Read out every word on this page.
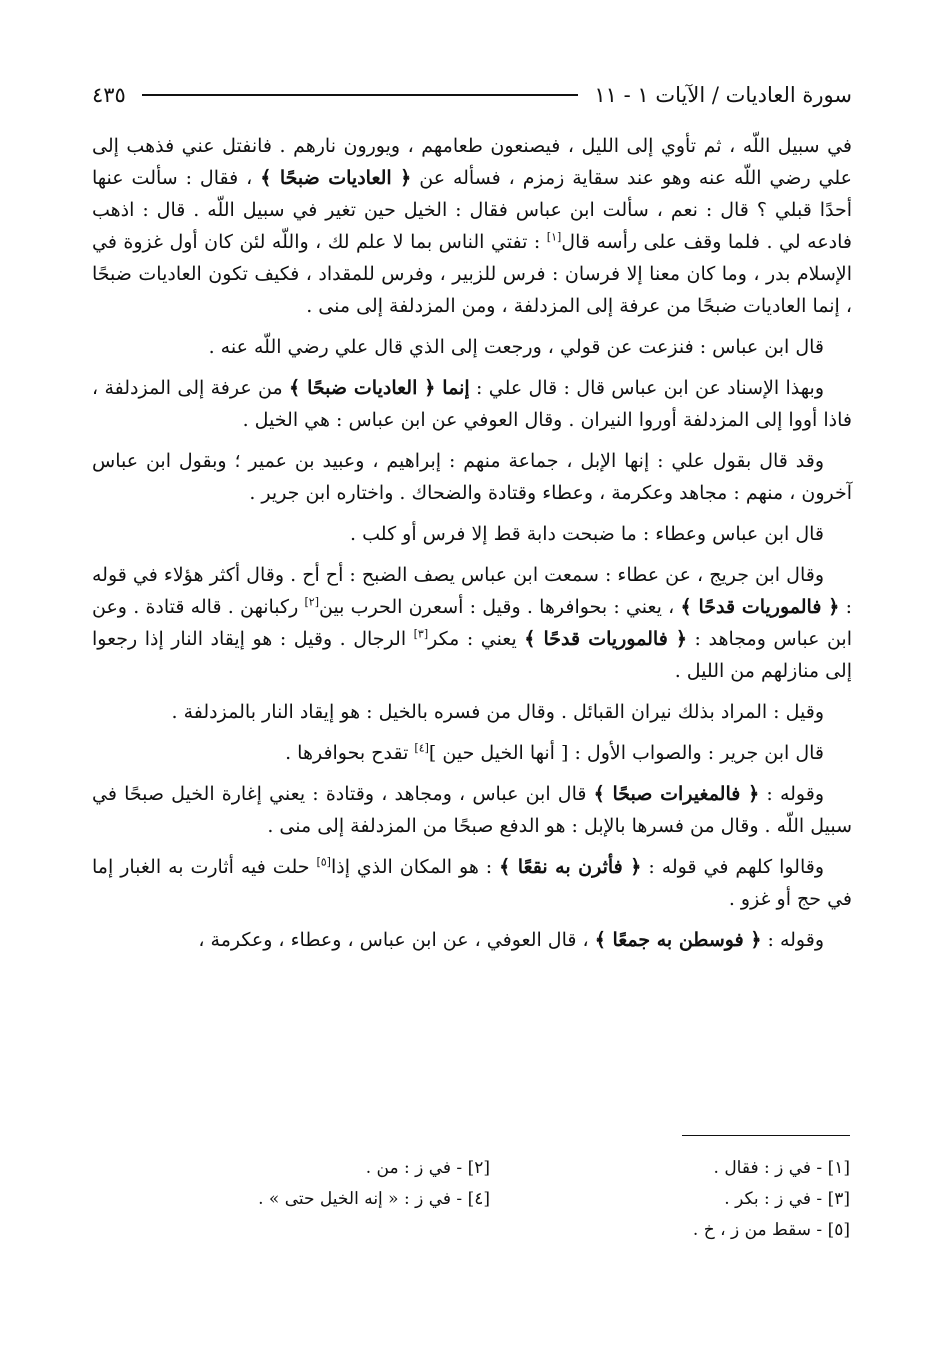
سورة العاديات / الآيات ١ - ١١
٤٣٥

في سبيل اللّه ، ثم تأوي إلى الليل ، فيصنعون طعامهم ، ويورون نارهم . فانفتل عني فذهب إلى علي رضي اللّه عنه وهو عند سقاية زمزم ، فسأله عن ﴿ العاديات ضبحًا ﴾ ، فقال : سألت عنها أحدًا قبلي ؟ قال : نعم ، سألت ابن عباس فقال : الخيل حين تغير في سبيل اللّه . قال : اذهب فادعه لي . فلما وقف على رأسه قال[١] : تفتي الناس بما لا علم لك ، واللّه لئن كان أول غزوة في الإسلام بدر ، وما كان معنا إلا فرسان : فرس للزبير ، وفرس للمقداد ، فكيف تكون العاديات ضبحًا ، إنما العاديات ضبحًا من عرفة إلى المزدلفة ، ومن المزدلفة إلى منى .

قال ابن عباس : فنزعت عن قولي ، ورجعت إلى الذي قال علي رضي اللّه عنه .

وبهذا الإسناد عن ابن عباس قال : قال علي : إنما ﴿ العاديات ضبحًا ﴾ من عرفة إلى المزدلفة ، فاذا أووا إلى المزدلفة أوروا النيران . وقال العوفي عن ابن عباس : هي الخيل .

وقد قال بقول علي : إنها الإبل ، جماعة منهم : إبراهيم ، وعبيد بن عمير ؛ وبقول ابن عباس آخرون ، منهم : مجاهد وعكرمة ، وعطاء وقتادة والضحاك . واختاره ابن جرير .

قال ابن عباس وعطاء : ما ضبحت دابة قط إلا فرس أو كلب .

وقال ابن جريج ، عن عطاء : سمعت ابن عباس يصف الضبح : أح أح . وقال أكثر هؤلاء في قوله : ﴿ فالموريات قدحًا ﴾ ، يعني : بحوافرها . وقيل : أسعرن الحرب بين[٢] ركبانهن . قاله قتادة . وعن ابن عباس ومجاهد : ﴿ فالموريات قدحًا ﴾ يعني : مكر[٣] الرجال . وقيل : هو إيقاد النار إذا رجعوا إلى منازلهم من الليل .

وقيل : المراد بذلك نيران القبائل . وقال من فسره بالخيل : هو إيقاد النار بالمزدلفة .

قال ابن جرير : والصواب الأول : [ أنها الخيل حين ][٤] تقدح بحوافرها .

وقوله : ﴿ فالمغيرات صبحًا ﴾ قال ابن عباس ، ومجاهد ، وقتادة : يعني إغارة الخيل صبحًا في سبيل اللّه . وقال من فسرها بالإبل : هو الدفع صبحًا من المزدلفة إلى منى .

وقالوا كلهم في قوله : ﴿ فأثرن به نقعًا ﴾ : هو المكان الذي إذا[٥] حلت فيه أثارت به الغبار إما في حج أو غزو .

وقوله : ﴿ فوسطن به جمعًا ﴾ ، قال العوفي ، عن ابن عباس ، وعطاء ، وعكرمة ،

[١] - في ز : فقال .
[٢] - في ز : من .
[٣] - في ز : بكر .
[٤] - في ز : « إنه الخيل حتى » .
[٥] - سقط من ز ، خ .
